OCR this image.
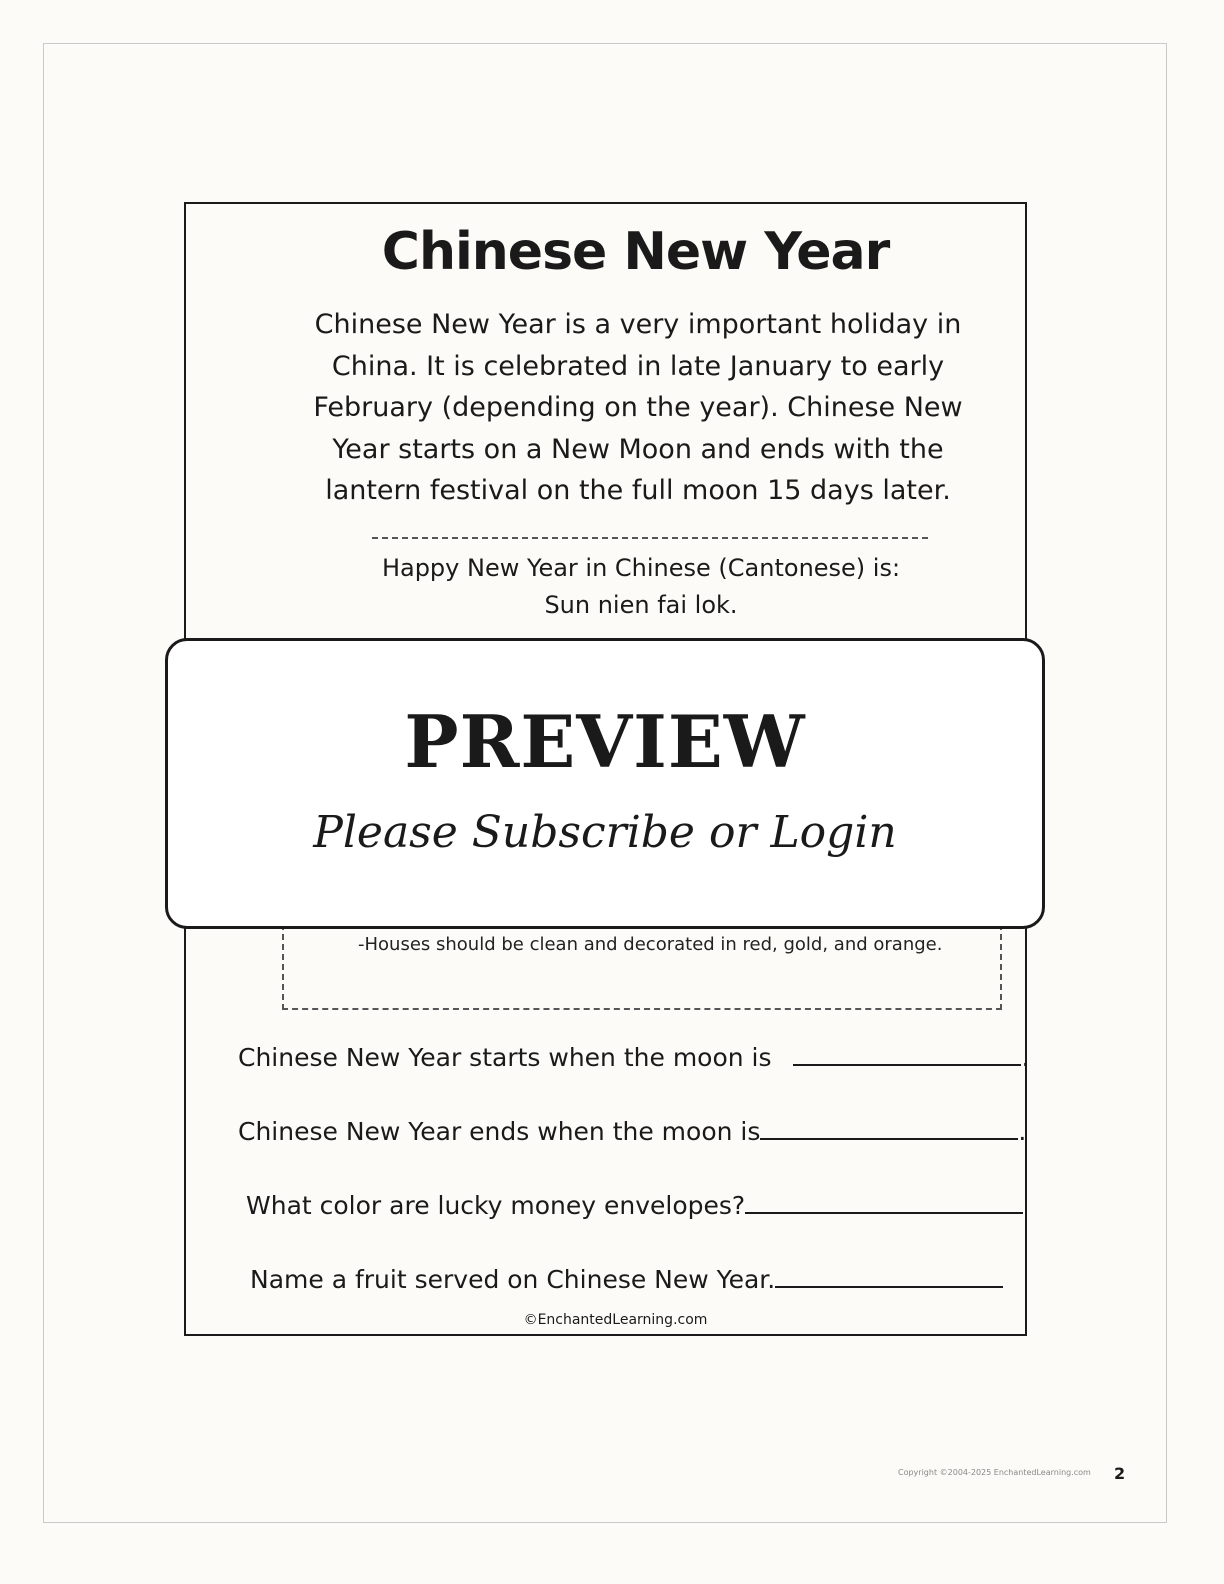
Chinese New Year
Chinese New Year is a very important holiday in
China. It is celebrated in late January to early
February (depending on the year). Chinese New
Year starts on a New Moon and ends with the
lantern festival on the full moon 15 days later.
Happy New Year in Chinese (Cantonese) is:
Sun nien fai lok.
-Houses should be clean and decorated in red, gold, and orange.
Chinese New Year starts when the moon is	.
Chinese New Year ends when the moon is	.
What color are lucky money envelopes?
Name a fruit served on Chinese New Year.
©EnchantedLearning.com
PREVIEW
Please Subscribe or Login
Copyright ©2004-2025 EnchantedLearning.com 2
